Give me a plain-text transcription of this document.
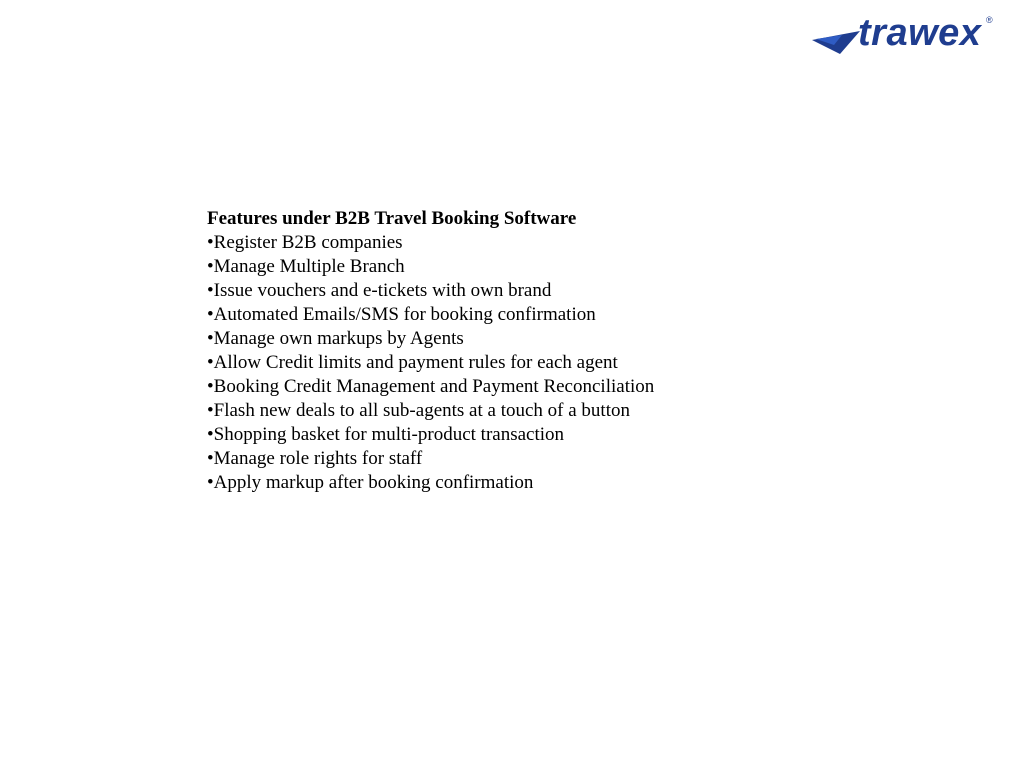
trawex ®
Features under B2B Travel Booking Software
•Register B2B companies
•Manage Multiple Branch
•Issue vouchers and e-tickets with own brand
•Automated Emails/SMS for booking confirmation
•Manage own markups by Agents
•Allow Credit limits and payment rules for each agent
•Booking Credit Management and Payment Reconciliation
•Flash new deals to all sub-agents at a touch of a button
•Shopping basket for multi-product transaction
•Manage role rights for staff
•Apply markup after booking confirmation
